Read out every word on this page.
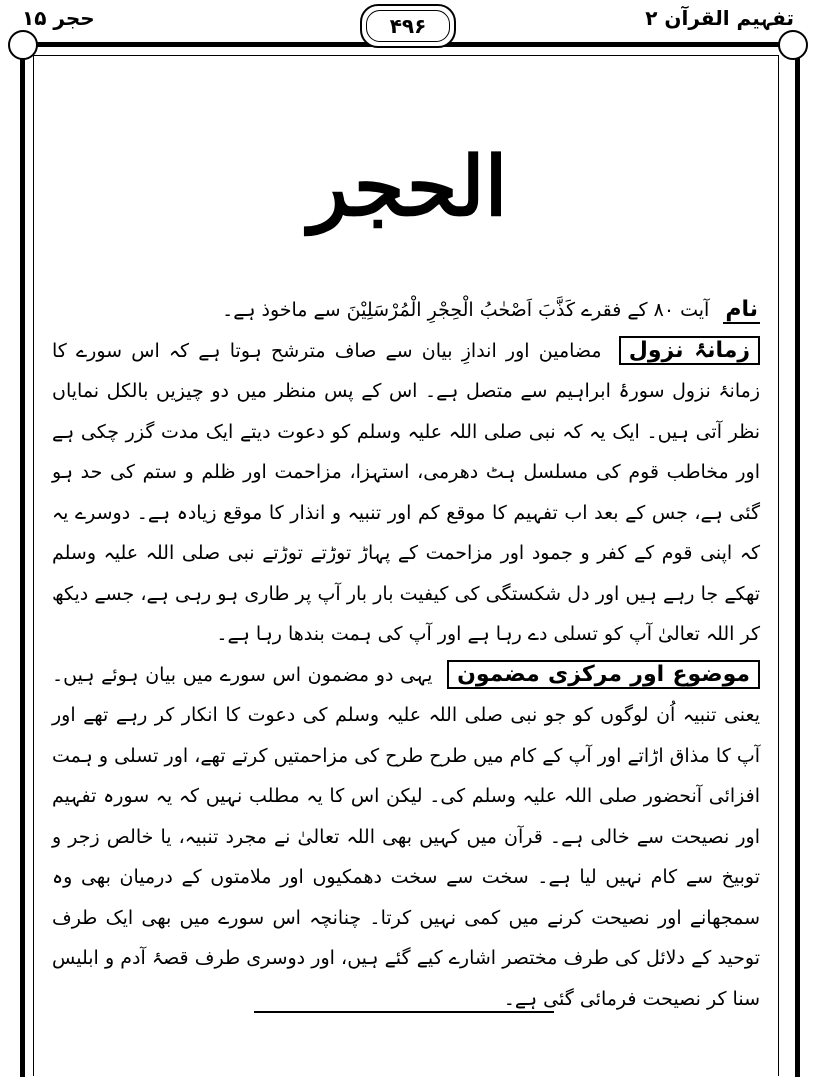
حجر ۱۵	۴۹۶	تفہیم القرآن ۲
الحجر

نام آیت ۸۰ کے فقرے کَذَّبَ اَصْحٰبُ الْحِجْرِ الْمُرْسَلِیْنَ سے ماخوذ ہے۔

زمانۂ نزول مضامین اور اندازِ بیان سے صاف مترشح ہوتا ہے کہ اس سورے کا زمانۂ نزول سورۂ ابراہیم سے متصل ہے۔ اس کے پس منظر میں دو چیزیں بالکل نمایاں نظر آتی ہیں۔ ایک یہ کہ نبی صلی اللہ علیہ وسلم کو دعوت دیتے ایک مدت گزر چکی ہے اور مخاطب قوم کی مسلسل ہٹ دھرمی، استہزا، مزاحمت اور ظلم و ستم کی حد ہو گئی ہے، جس کے بعد اب تفہیم کا موقع کم اور تنبیہ و انذار کا موقع زیادہ ہے۔ دوسرے یہ کہ اپنی قوم کے کفر و جمود اور مزاحمت کے پہاڑ توڑتے توڑتے نبی صلی اللہ علیہ وسلم تھکے جا رہے ہیں اور دل شکستگی کی کیفیت بار بار آپ پر طاری ہو رہی ہے، جسے دیکھ کر اللہ تعالیٰ آپ کو تسلی دے رہا ہے اور آپ کی ہمت بندھا رہا ہے۔

موضوع اور مرکزی مضمون یہی دو مضمون اس سورے میں بیان ہوئے ہیں۔ یعنی تنبیہ اُن لوگوں کو جو نبی صلی اللہ علیہ وسلم کی دعوت کا انکار کر رہے تھے اور آپ کا مذاق اڑاتے اور آپ کے کام میں طرح طرح کی مزاحمتیں کرتے تھے، اور تسلی و ہمت افزائی آنحضور صلی اللہ علیہ وسلم کی۔ لیکن اس کا یہ مطلب نہیں کہ یہ سورہ تفہیم اور نصیحت سے خالی ہے۔ قرآن میں کہیں بھی اللہ تعالیٰ نے مجرد تنبیہ، یا خالص زجر و توبیخ سے کام نہیں لیا ہے۔ سخت سے سخت دھمکیوں اور ملامتوں کے درمیان بھی وہ سمجھانے اور نصیحت کرنے میں کمی نہیں کرتا۔ چنانچہ اس سورے میں بھی ایک طرف توحید کے دلائل کی طرف مختصر اشارے کیے گئے ہیں، اور دوسری طرف قصۂ آدم و ابلیس سنا کر نصیحت فرمائی گئی ہے۔
